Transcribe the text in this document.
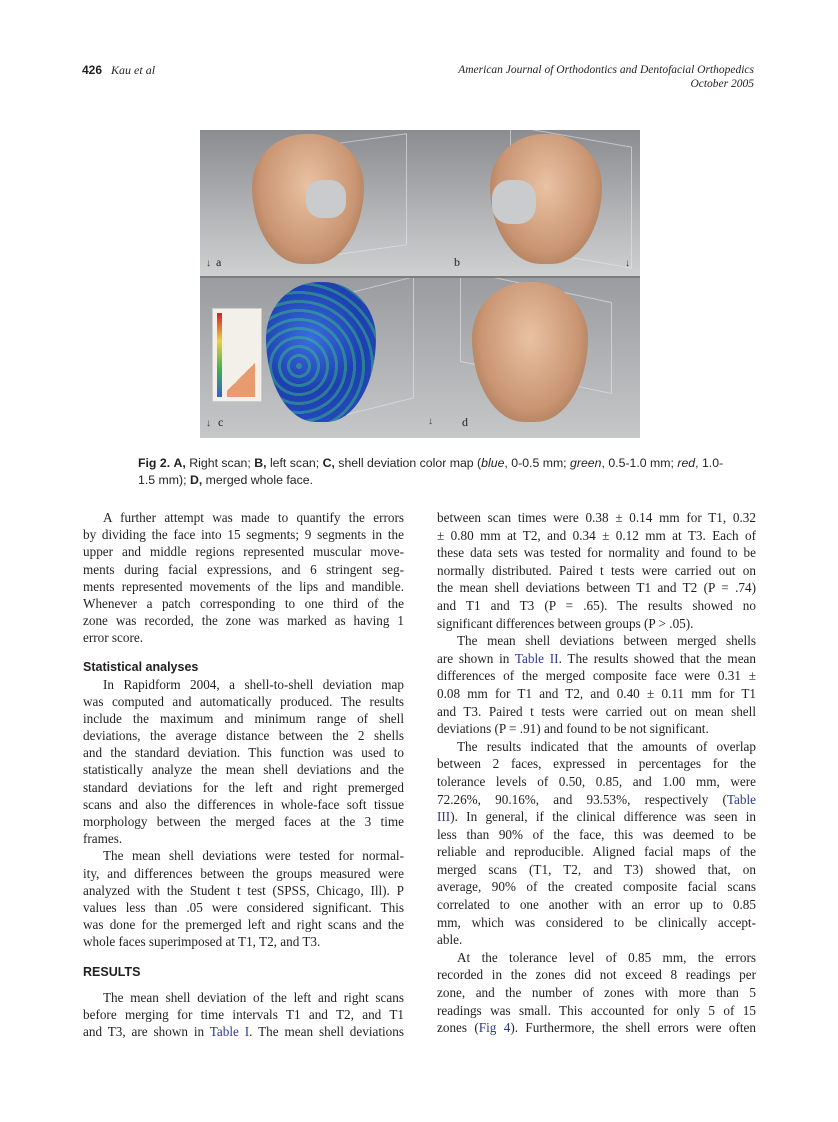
426 Kau et al	American Journal of Orthodontics and Dentofacial Orthopedics
October 2005
↓ a	↓
b
↓ c	↓ d
Fig 2. A, Right scan; B, left scan; C, shell deviation color map (blue, 0-0.5 mm; green, 0.5-1.0 mm; red, 1.0-1.5 mm); D, merged whole face.
A further attempt was made to quantify the errors
by dividing the face into 15 segments; 9 segments in the
upper and middle regions represented muscular move-
ments during facial expressions, and 6 stringent seg-
ments represented movements of the lips and mandible.
Whenever a patch corresponding to one third of the
zone was recorded, the zone was marked as having 1
error score.
Statistical analyses
In Rapidform 2004, a shell-to-shell deviation map
was computed and automatically produced. The results
include the maximum and minimum range of shell
deviations, the average distance between the 2 shells
and the standard deviation. This function was used to
statistically analyze the mean shell deviations and the
standard deviations for the left and right premerged
scans and also the differences in whole-face soft tissue
morphology between the merged faces at the 3 time
frames.
The mean shell deviations were tested for normal-
ity, and differences between the groups measured were
analyzed with the Student t test (SPSS, Chicago, Ill). P
values less than .05 were considered significant. This
was done for the premerged left and right scans and the
whole faces superimposed at T1, T2, and T3.
RESULTS
The mean shell deviation of the left and right scans
before merging for time intervals T1 and T2, and T1
and T3, are shown in Table I. The mean shell deviations
between scan times were 0.38 ± 0.14 mm for T1, 0.32
± 0.80 mm at T2, and 0.34 ± 0.12 mm at T3. Each of
these data sets was tested for normality and found to be
normally distributed. Paired t tests were carried out on
the mean shell deviations between T1 and T2 (P = .74)
and T1 and T3 (P = .65). The results showed no
significant differences between groups (P > .05).
The mean shell deviations between merged shells
are shown in Table II. The results showed that the mean
differences of the merged composite face were 0.31 ±
0.08 mm for T1 and T2, and 0.40 ± 0.11 mm for T1
and T3. Paired t tests were carried out on mean shell
deviations (P = .91) and found to be not significant.
The results indicated that the amounts of overlap
between 2 faces, expressed in percentages for the
tolerance levels of 0.50, 0.85, and 1.00 mm, were
72.26%, 90.16%, and 93.53%, respectively (Table
III). In general, if the clinical difference was seen in
less than 90% of the face, this was deemed to be
reliable and reproducible. Aligned facial maps of the
merged scans (T1, T2, and T3) showed that, on
average, 90% of the created composite facial scans
correlated to one another with an error up to 0.85
mm, which was considered to be clinically accept-
able.
At the tolerance level of 0.85 mm, the errors
recorded in the zones did not exceed 8 readings per
zone, and the number of zones with more than 5
readings was small. This accounted for only 5 of 15
zones (Fig 4). Furthermore, the shell errors were often
